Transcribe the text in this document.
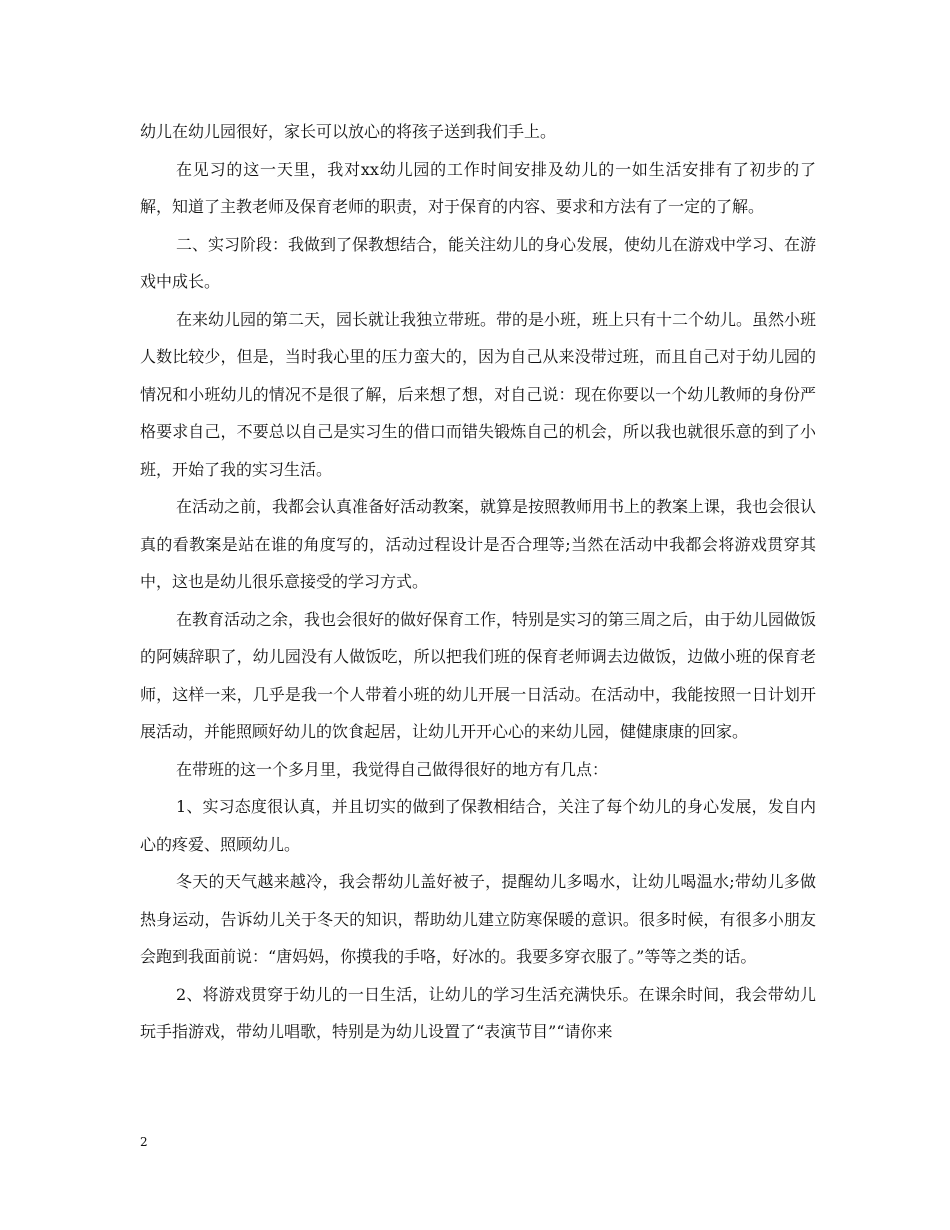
幼儿在幼儿园很好，家长可以放心的将孩子送到我们手上。

在见习的这一天里，我对xx幼儿园的工作时间安排及幼儿的一如生活安排有了初步的了解，知道了主教老师及保育老师的职责，对于保育的内容、要求和方法有了一定的了解。

二、实习阶段：我做到了保教想结合，能关注幼儿的身心发展，使幼儿在游戏中学习、在游戏中成长。

在来幼儿园的第二天，园长就让我独立带班。带的是小班，班上只有十二个幼儿。虽然小班人数比较少，但是，当时我心里的压力蛮大的，因为自己从来没带过班，而且自己对于幼儿园的情况和小班幼儿的情况不是很了解，后来想了想，对自己说：现在你要以一个幼儿教师的身份严格要求自己，不要总以自己是实习生的借口而错失锻炼自己的机会，所以我也就很乐意的到了小班，开始了我的实习生活。

在活动之前，我都会认真准备好活动教案，就算是按照教师用书上的教案上课，我也会很认真的看教案是站在谁的角度写的，活动过程设计是否合理等;当然在活动中我都会将游戏贯穿其中，这也是幼儿很乐意接受的学习方式。

在教育活动之余，我也会很好的做好保育工作，特别是实习的第三周之后，由于幼儿园做饭的阿姨辞职了，幼儿园没有人做饭吃，所以把我们班的保育老师调去边做饭，边做小班的保育老师，这样一来，几乎是我一个人带着小班的幼儿开展一日活动。在活动中，我能按照一日计划开展活动，并能照顾好幼儿的饮食起居，让幼儿开开心心的来幼儿园，健健康康的回家。

在带班的这一个多月里，我觉得自己做得很好的地方有几点：

1、实习态度很认真，并且切实的做到了保教相结合，关注了每个幼儿的身心发展，发自内心的疼爱、照顾幼儿。

冬天的天气越来越冷，我会帮幼儿盖好被子，提醒幼儿多喝水，让幼儿喝温水;带幼儿多做热身运动，告诉幼儿关于冬天的知识，帮助幼儿建立防寒保暖的意识。很多时候，有很多小朋友会跑到我面前说：“唐妈妈，你摸我的手咯，好冰的。我要多穿衣服了。”等等之类的话。

2、将游戏贯穿于幼儿的一日生活，让幼儿的学习生活充满快乐。在课余时间，我会带幼儿玩手指游戏，带幼儿唱歌，特别是为幼儿设置了“表演节目”“请你来

2
